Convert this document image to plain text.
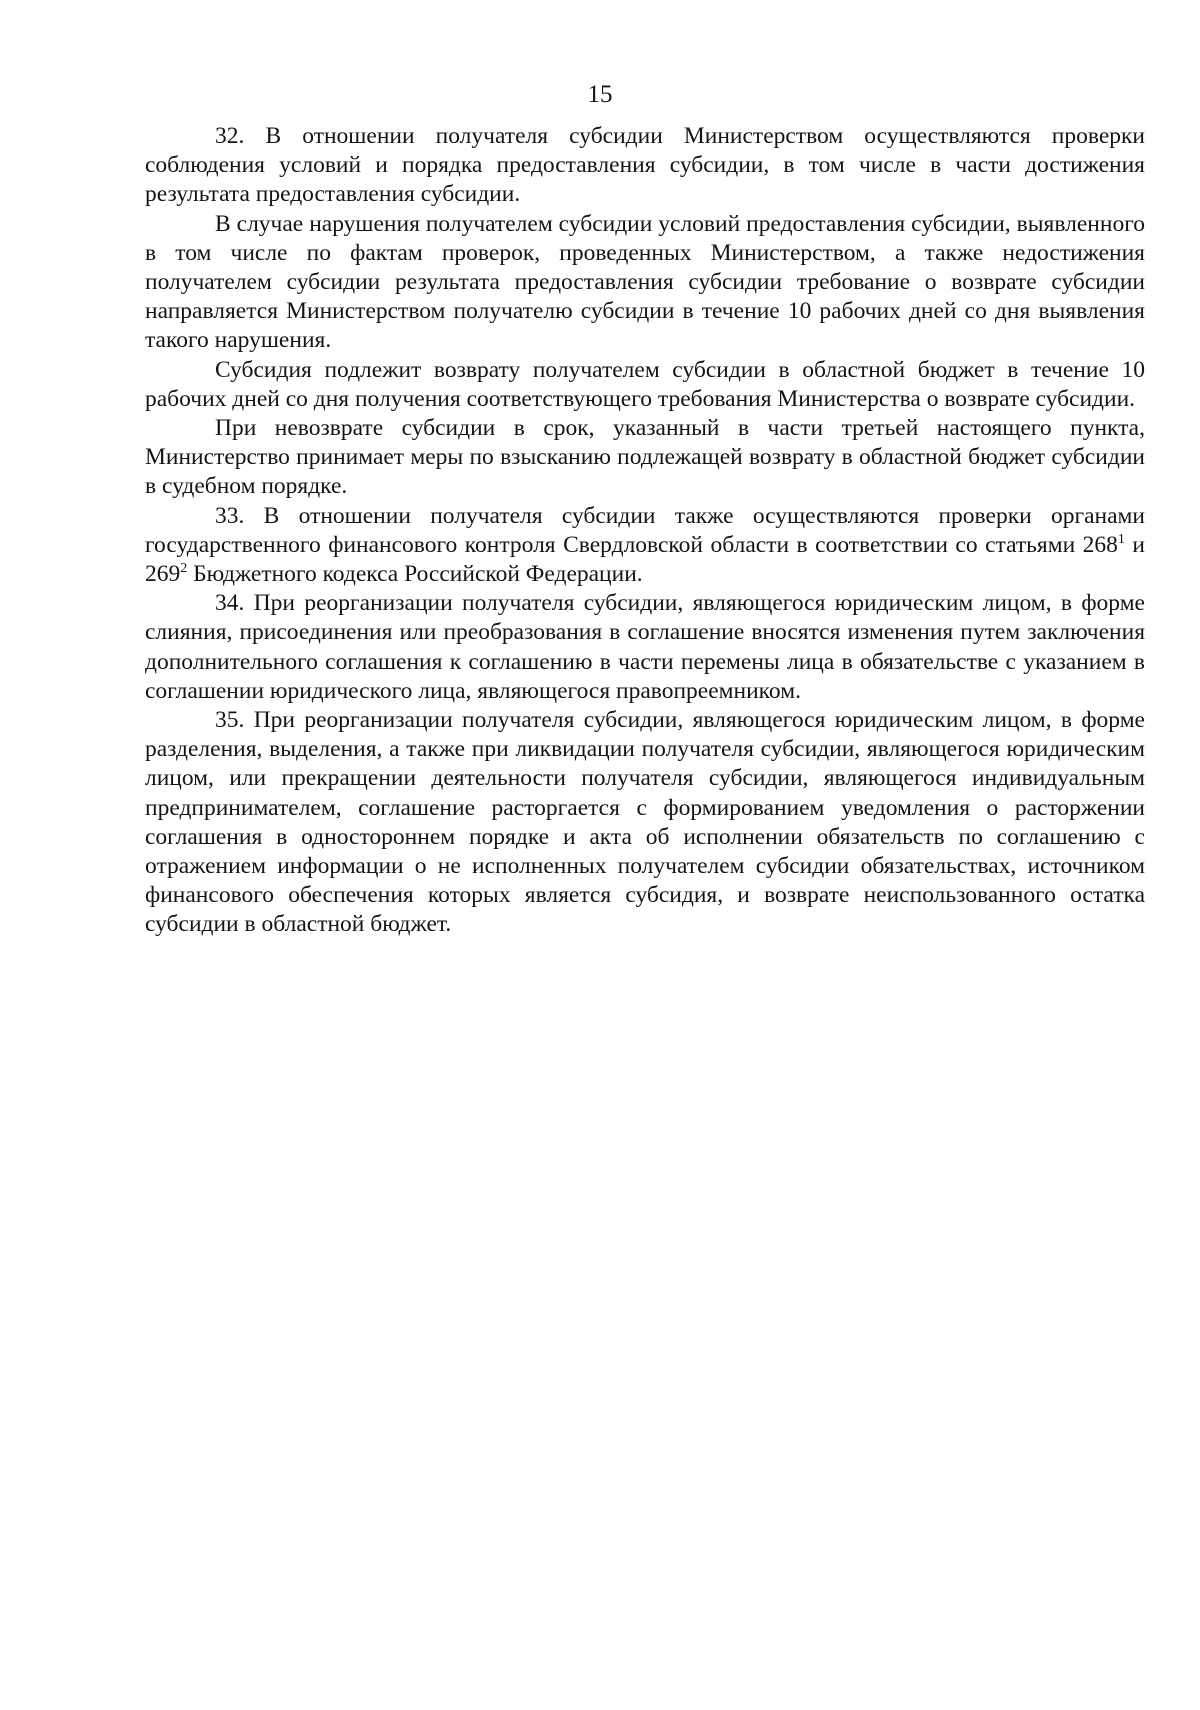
15

32. В отношении получателя субсидии Министерством осуществляются проверки соблюдения условий и порядка предоставления субсидии, в том числе в части достижения результата предоставления субсидии.

В случае нарушения получателем субсидии условий предоставления субсидии, выявленного в том числе по фактам проверок, проведенных Министерством, а также недостижения получателем субсидии результата предоставления субсидии требование о возврате субсидии направляется Министерством получателю субсидии в течение 10 рабочих дней со дня выявления такого нарушения.

Субсидия подлежит возврату получателем субсидии в областной бюджет в течение 10 рабочих дней со дня получения соответствующего требования Министерства о возврате субсидии.

При невозврате субсидии в срок, указанный в части третьей настоящего пункта, Министерство принимает меры по взысканию подлежащей возврату в областной бюджет субсидии в судебном порядке.

33. В отношении получателя субсидии также осуществляются проверки органами государственного финансового контроля Свердловской области в соответствии со статьями $268^1$ и $269^2$ Бюджетного кодекса Российской Федерации.

34. При реорганизации получателя субсидии, являющегося юридическим лицом, в форме слияния, присоединения или преобразования в соглашение вносятся изменения путем заключения дополнительного соглашения к соглашению в части перемены лица в обязательстве с указанием в соглашении юридического лица, являющегося правопреемником.

35. При реорганизации получателя субсидии, являющегося юридическим лицом, в форме разделения, выделения, а также при ликвидации получателя субсидии, являющегося юридическим лицом, или прекращении деятельности получателя субсидии, являющегося индивидуальным предпринимателем, соглашение расторгается с формированием уведомления о расторжении соглашения в одностороннем порядке и акта об исполнении обязательств по соглашению с отражением информации о не исполненных получателем субсидии обязательствах, источником финансового обеспечения которых является субсидия, и возврате неиспользованного остатка субсидии в областной бюджет.
